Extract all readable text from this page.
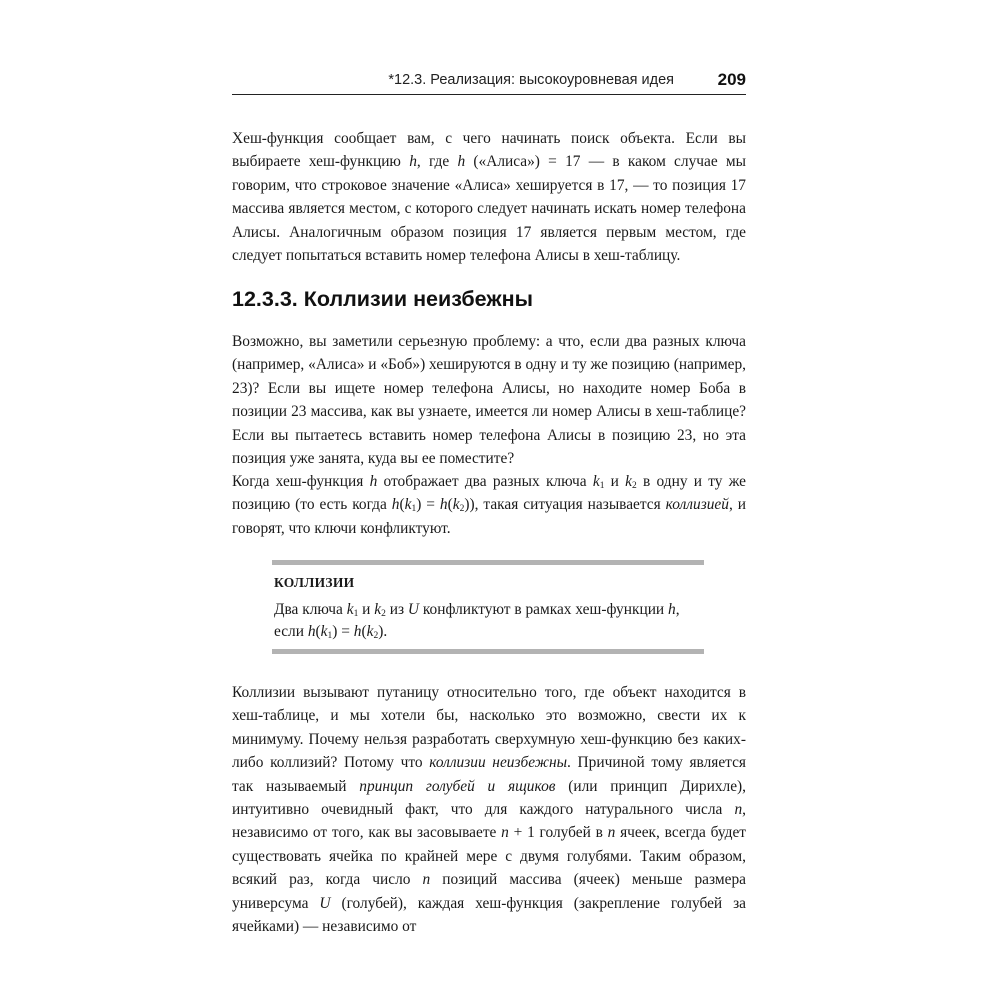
*12.3. Реализация: высокоуровневая идея	209

Хеш-функция сообщает вам, с чего начинать поиск объекта. Если вы выбираете хеш-функцию h, где h («Алиса») = 17 — в каком случае мы говорим, что строковое значение «Алиса» хешируется в 17, — то позиция 17 массива является местом, с которого следует начинать искать номер телефона Алисы. Аналогичным образом позиция 17 является первым местом, где следует попытаться вставить номер телефона Алисы в хеш-таблицу.

12.3.3. Коллизии неизбежны

Возможно, вы заметили серьезную проблему: а что, если два разных ключа (например, «Алиса» и «Боб») хешируются в одну и ту же позицию (например, 23)? Если вы ищете номер телефона Алисы, но находите номер Боба в позиции 23 массива, как вы узнаете, имеется ли номер Алисы в хеш-таблице? Если вы пытаетесь вставить номер телефона Алисы в позицию 23, но эта позиция уже занята, куда вы ее поместите?

Когда хеш-функция h отображает два разных ключа $k_1$ и $k_2$ в одну и ту же позицию (то есть когда $h(k_1) = h(k_2)$), такая ситуация называется коллизией, и говорят, что ключи конфликтуют.

КОЛЛИЗИИ

Два ключа $k_1$ и $k_2$ из U конфликтуют в рамках хеш-функции h,
если $h(k_1) = h(k_2)$.

Коллизии вызывают путаницу относительно того, где объект находится в хеш-таблице, и мы хотели бы, насколько это возможно, свести их к минимуму. Почему нельзя разработать сверхумную хеш-функцию без каких-либо коллизий? Потому что коллизии неизбежны. Причиной тому является так называемый принцип голубей и ящиков (или принцип Дирихле), интуитивно очевидный факт, что для каждого натурального числа n, независимо от того, как вы засовываете n + 1 голубей в n ячеек, всегда будет существовать ячейка по крайней мере с двумя голубями. Таким образом, всякий раз, когда число n позиций массива (ячеек) меньше размера универсума U (голубей), каждая хеш-функция (закрепление голубей за ячейками) — независимо от
